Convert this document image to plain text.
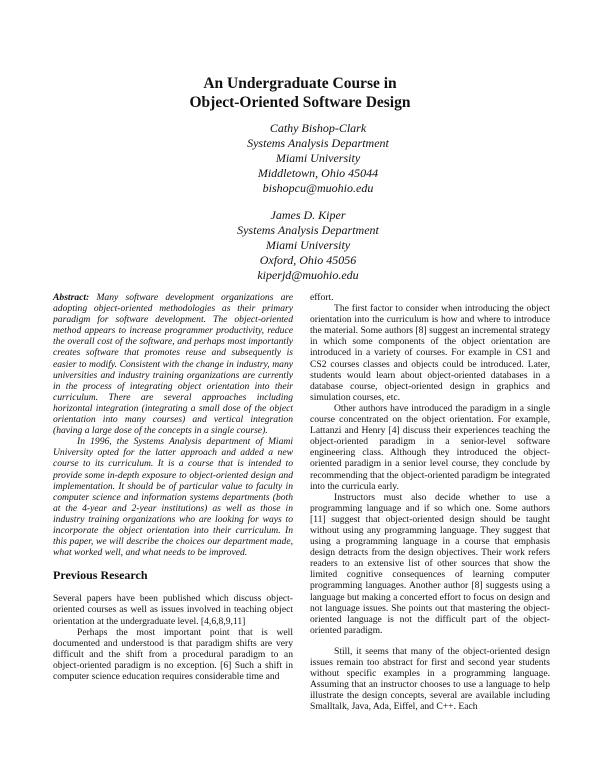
An Undergraduate Course in
Object-Oriented Software Design
Cathy Bishop-Clark
Systems Analysis Department
Miami University
Middletown, Ohio 45044
bishopcu@muohio.edu
James D. Kiper
Systems Analysis Department
Miami University
Oxford, Ohio 45056
kiperjd@muohio.edu

Abstract: Many software development organizations are adopting object-oriented methodologies as their primary paradigm for software development. The object-oriented method appears to increase programmer productivity, reduce the overall cost of the software, and perhaps most importantly creates software that promotes reuse and subsequently is easier to modify. Consistent with the change in industry, many universities and industry training organizations are currently in the process of integrating object orientation into their curriculum. There are several approaches including horizontal integration (integrating a small dose of the object orientation into many courses) and vertical integration (having a large dose of the concepts in a single course).

In 1996, the Systems Analysis department of Miami University opted for the latter approach and added a new course to its curriculum. It is a course that is intended to provide some in-depth exposure to object-oriented design and implementation. It should be of particular value to faculty in computer science and information systems departments (both at the 4-year and 2-year institutions) as well as those in industry training organizations who are looking for ways to incorporate the object orientation into their curriculum. In this paper, we will describe the choices our department made, what worked well, and what needs to be improved.

Previous Research

Several papers have been published which discuss object-oriented courses as well as issues involved in teaching object orientation at the undergraduate level. [4,6,8,9,11]

Perhaps the most important point that is well documented and understood is that paradigm shifts are very difficult and the shift from a procedural paradigm to an object-oriented paradigm is no exception. [6] Such a shift in computer science education requires considerable time and

effort.

The first factor to consider when introducing the object orientation into the curriculum is how and where to introduce the material. Some authors [8] suggest an incremental strategy in which some components of the object orientation are introduced in a variety of courses. For example in CS1 and CS2 courses classes and objects could be introduced. Later, students would learn about object-oriented databases in a database course, object-oriented design in graphics and simulation courses, etc.

Other authors have introduced the paradigm in a single course concentrated on the object orientation. For example, Lattanzi and Henry [4] discuss their experiences teaching the object-oriented paradigm in a senior-level software engineering class. Although they introduced the object-oriented paradigm in a senior level course, they conclude by recommending that the object-oriented paradigm be integrated into the curricula early.

Instructors must also decide whether to use a programming language and if so which one. Some authors [11] suggest that object-oriented design should be taught without using any programming language. They suggest that using a programming language in a course that emphasis design detracts from the design objectives. Their work refers readers to an extensive list of other sources that show the limited cognitive consequences of learning computer programming languages. Another author [8] suggests using a language but making a concerted effort to focus on design and not language issues. She points out that mastering the object-oriented language is not the difficult part of the object-oriented paradigm.

Still, it seems that many of the object-oriented design issues remain too abstract for first and second year students without specific examples in a programming language. Assuming that an instructor chooses to use a language to help illustrate the design concepts, several are available including Smalltalk, Java, Ada, Eiffel, and C++. Each
